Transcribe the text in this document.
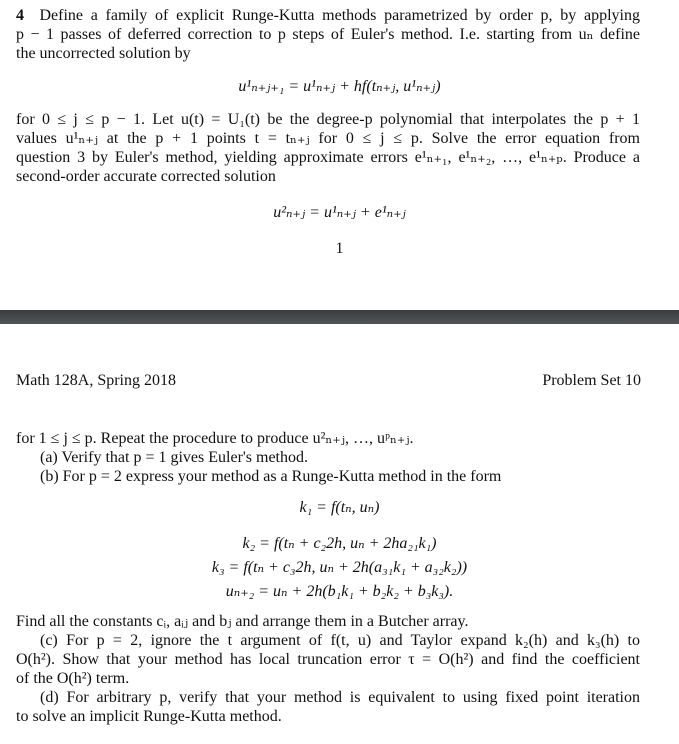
4 Define a family of explicit Runge-Kutta methods parametrized by order p, by applying
p − 1 passes of deferred correction to p steps of Euler's method. I.e. starting from uₙ define
the uncorrected solution by
u¹ₙ₊ⱼ₊₁ = u¹ₙ₊ⱼ + hf(tₙ₊ⱼ, u¹ₙ₊ⱼ)
for 0 ≤ j ≤ p − 1. Let u(t) = U₁(t) be the degree-p polynomial that interpolates the p + 1
values u¹ₙ₊ⱼ at the p + 1 points t = tₙ₊ⱼ for 0 ≤ j ≤ p. Solve the error equation from
question 3 by Euler's method, yielding approximate errors e¹ₙ₊₁, e¹ₙ₊₂, …, e¹ₙ₊ₚ. Produce a
second-order accurate corrected solution
u²ₙ₊ⱼ = u¹ₙ₊ⱼ + e¹ₙ₊ⱼ
1
Math 128A, Spring 2018	Problem Set 10
for 1 ≤ j ≤ p. Repeat the procedure to produce u²ₙ₊ⱼ, …, uᵖₙ₊ⱼ.
(a) Verify that p = 1 gives Euler's method.
(b) For p = 2 express your method as a Runge-Kutta method in the form
k₁ = f(tₙ, uₙ)
k₂ = f(tₙ + c₂2h, uₙ + 2ha₂₁k₁)
k₃ = f(tₙ + c₃2h, uₙ + 2h(a₃₁k₁ + a₃₂k₂))
uₙ₊₂ = uₙ + 2h(b₁k₁ + b₂k₂ + b₃k₃).
Find all the constants cᵢ, aᵢⱼ and bⱼ and arrange them in a Butcher array.
(c) For p = 2, ignore the t argument of f(t, u) and Taylor expand k₂(h) and k₃(h) to
O(h²). Show that your method has local truncation error τ = O(h²) and find the coefficient
of the O(h²) term.
(d) For arbitrary p, verify that your method is equivalent to using fixed point iteration
to solve an implicit Runge-Kutta method.
